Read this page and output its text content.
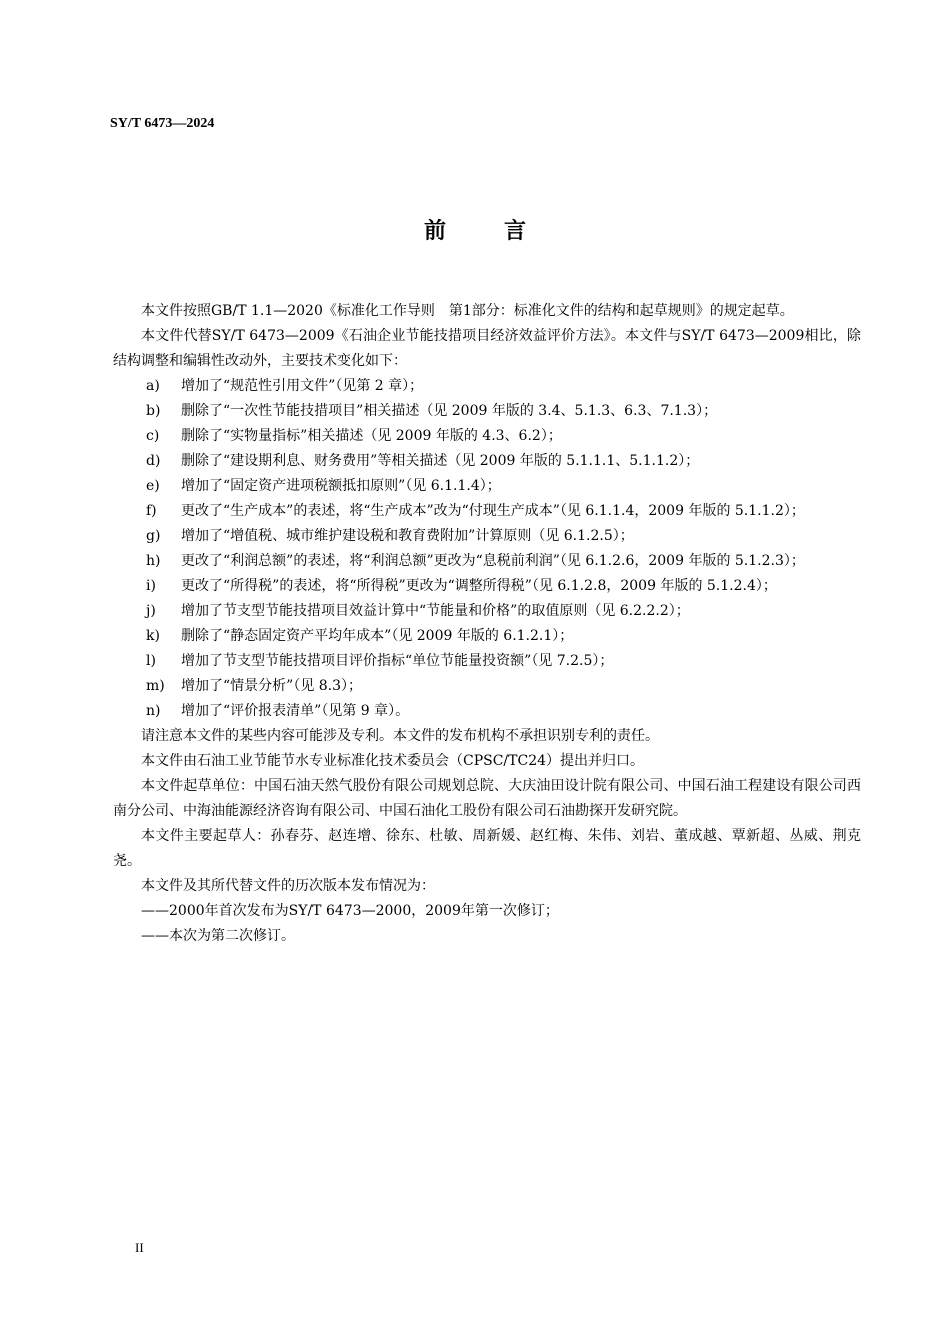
SY/T 6473—2024
前	言

本文件按照GB/T 1.1—2020《标准化工作导则　第1部分：标准化文件的结构和起草规则》的规定起草。

本文件代替SY/T 6473—2009《石油企业节能技措项目经济效益评价方法》。本文件与SY/T 6473—2009相比，除结构调整和编辑性改动外，主要技术变化如下：

a) 增加了“规范性引用文件”（见第 2 章）；

b) 删除了“一次性节能技措项目”相关描述（见 2009 年版的 3.4、5.1.3、6.3、7.1.3）；

c) 删除了“实物量指标”相关描述（见 2009 年版的 4.3、6.2）；

d) 删除了“建设期利息、财务费用”等相关描述（见 2009 年版的 5.1.1.1、5.1.1.2）；

e) 增加了“固定资产进项税额抵扣原则”（见 6.1.1.4）；

f) 更改了“生产成本”的表述，将“生产成本”改为“付现生产成本”（见 6.1.1.4，2009 年版的 5.1.1.2）；

g) 增加了“增值税、城市维护建设税和教育费附加”计算原则（见 6.1.2.5）；

h) 更改了“利润总额”的表述，将“利润总额”更改为“息税前利润”（见 6.1.2.6，2009 年版的 5.1.2.3）；

i) 更改了“所得税”的表述，将“所得税”更改为“调整所得税”（见 6.1.2.8，2009 年版的 5.1.2.4）；

j) 增加了节支型节能技措项目效益计算中“节能量和价格”的取值原则（见 6.2.2.2）；

k) 删除了“静态固定资产平均年成本”（见 2009 年版的 6.1.2.1）；

l) 增加了节支型节能技措项目评价指标“单位节能量投资额”（见 7.2.5）；

m) 增加了“情景分析”（见 8.3）；

n) 增加了“评价报表清单”（见第 9 章）。

请注意本文件的某些内容可能涉及专利。本文件的发布机构不承担识别专利的责任。

本文件由石油工业节能节水专业标准化技术委员会（CPSC/TC24）提出并归口。

本文件起草单位：中国石油天然气股份有限公司规划总院、大庆油田设计院有限公司、中国石油工程建设有限公司西南分公司、中海油能源经济咨询有限公司、中国石油化工股份有限公司石油勘探开发研究院。

本文件主要起草人：孙春芬、赵连增、徐东、杜敏、周新媛、赵红梅、朱伟、刘岩、董成越、覃新超、丛威、荆克尧。

本文件及其所代替文件的历次版本发布情况为：

——2000年首次发布为SY/T 6473—2000，2009年第一次修订；

——本次为第二次修订。

II
